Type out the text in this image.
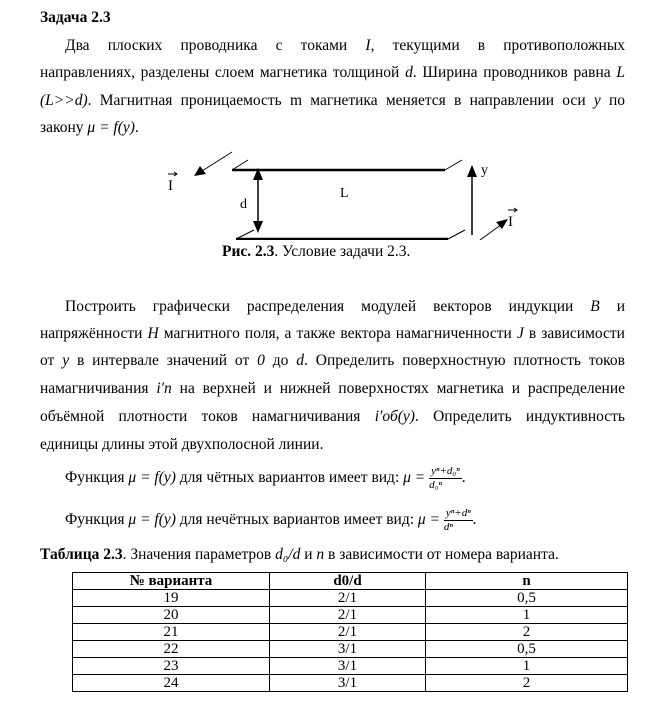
Задача 2.3
Два плоских проводника с токами I, текущими в противоположных
направлениях, разделены слоем магнетика толщиной d. Ширина проводников равна L
(L>>d). Магнитная проницаемость m магнетика меняется в направлении оси y по
закону μ = f(y).
I
I
L
d
y
Рис. 2.3. Условие задачи 2.3.
Построить графически распределения модулей векторов индукции B и
напряжённости H магнитного поля, а также вектора намагниченности J в зависимости
от y в интервале значений от 0 до d. Определить поверхностную плотность токов
намагничивания i′п на верхней и нижней поверхностях магнетика и распределение
объёмной плотности токов намагничивания i′об(y). Определить индуктивность
единицы длины этой двухполосной линии.
Функция μ = f(y) для чётных вариантов имеет вид: $\mu = \frac{\text{yⁿ+d₀ⁿ}}{\text{d₀ⁿ}}$ .
Функция μ = f(y) для нечётных вариантов имеет вид: $\mu = \frac{\text{yⁿ+dⁿ}}{\text{dⁿ}}$ .
Таблица 2.3. Значения параметров d₀/d и n в зависимости от номера варианта.
№ варианта	d0/d	n
19	2/1	0,5
20	2/1	1
21	2/1	2
22	3/1	0,5
23	3/1	1
24	3/1	2
